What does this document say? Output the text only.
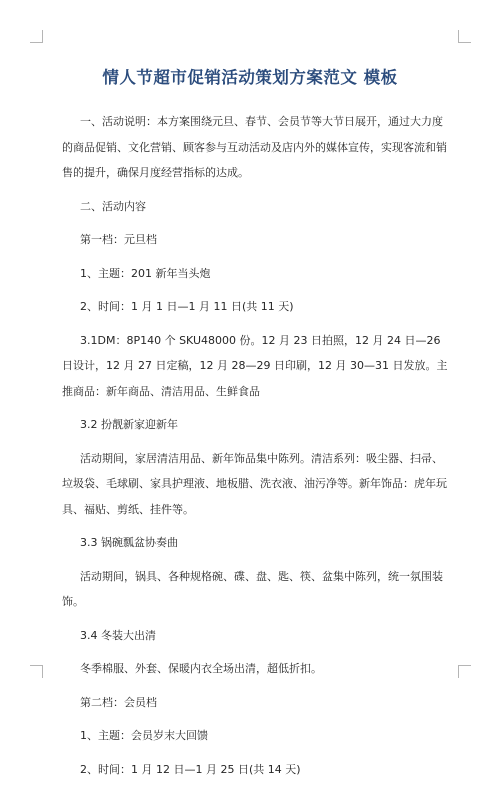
情人节超市促销活动策划方案范文 模板

一、活动说明：本方案围绕元旦、春节、会员节等大节日展开，通过大力度的商品促销、文化营销、顾客参与互动活动及店内外的媒体宣传，实现客流和销售的提升，确保月度经营指标的达成。

二、活动内容

第一档：元旦档

1、主题：201 新年当头炮

2、时间：1 月 1 日—1 月 11 日(共 11 天)

3.1DM：8P140 个 SKU48000 份。12 月 23 日拍照，12 月 24 日—26 日设计，12 月 27 日定稿，12 月 28—29 日印刷，12 月 30—31 日发放。主推商品：新年商品、清洁用品、生鲜食品

3.2 扮靓新家迎新年

活动期间，家居清洁用品、新年饰品集中陈列。清洁系列：吸尘器、扫帚、垃圾袋、毛球刷、家具护理液、地板腊、洗衣液、油污净等。新年饰品：虎年玩具、福贴、剪纸、挂件等。

3.3 锅碗瓢盆协奏曲

活动期间，锅具、各种规格碗、碟、盘、匙、筷、盆集中陈列，统一氛围装饰。

3.4 冬装大出清

冬季棉服、外套、保暖内衣全场出清，超低折扣。

第二档：会员档

1、主题：会员岁末大回馈

2、时间：1 月 12 日—1 月 25 日(共 14 天)
